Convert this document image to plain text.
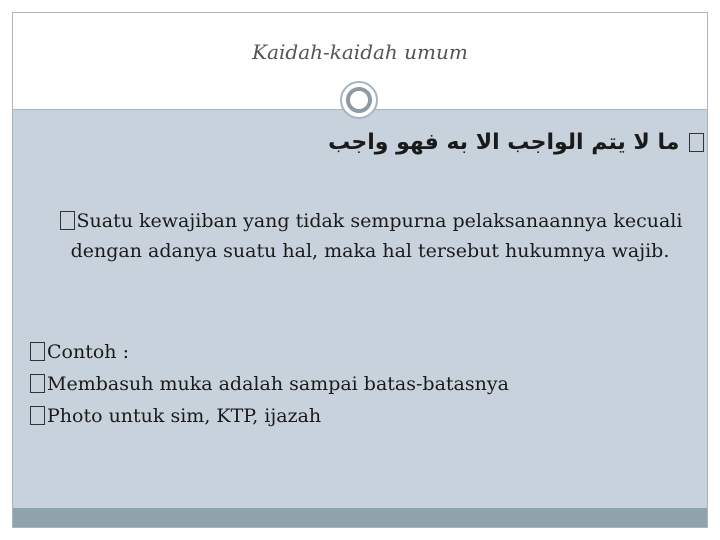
Kaidah-kaidah umum
ما لا يتم الواجب الا به فهو واجب
Suatu kewajiban yang tidak sempurna pelaksanaannya kecuali dengan adanya suatu hal, maka hal tersebut hukumnya wajib.
Contoh :
Membasuh muka adalah sampai batas-batasnya
Photo untuk sim, KTP, ijazah
